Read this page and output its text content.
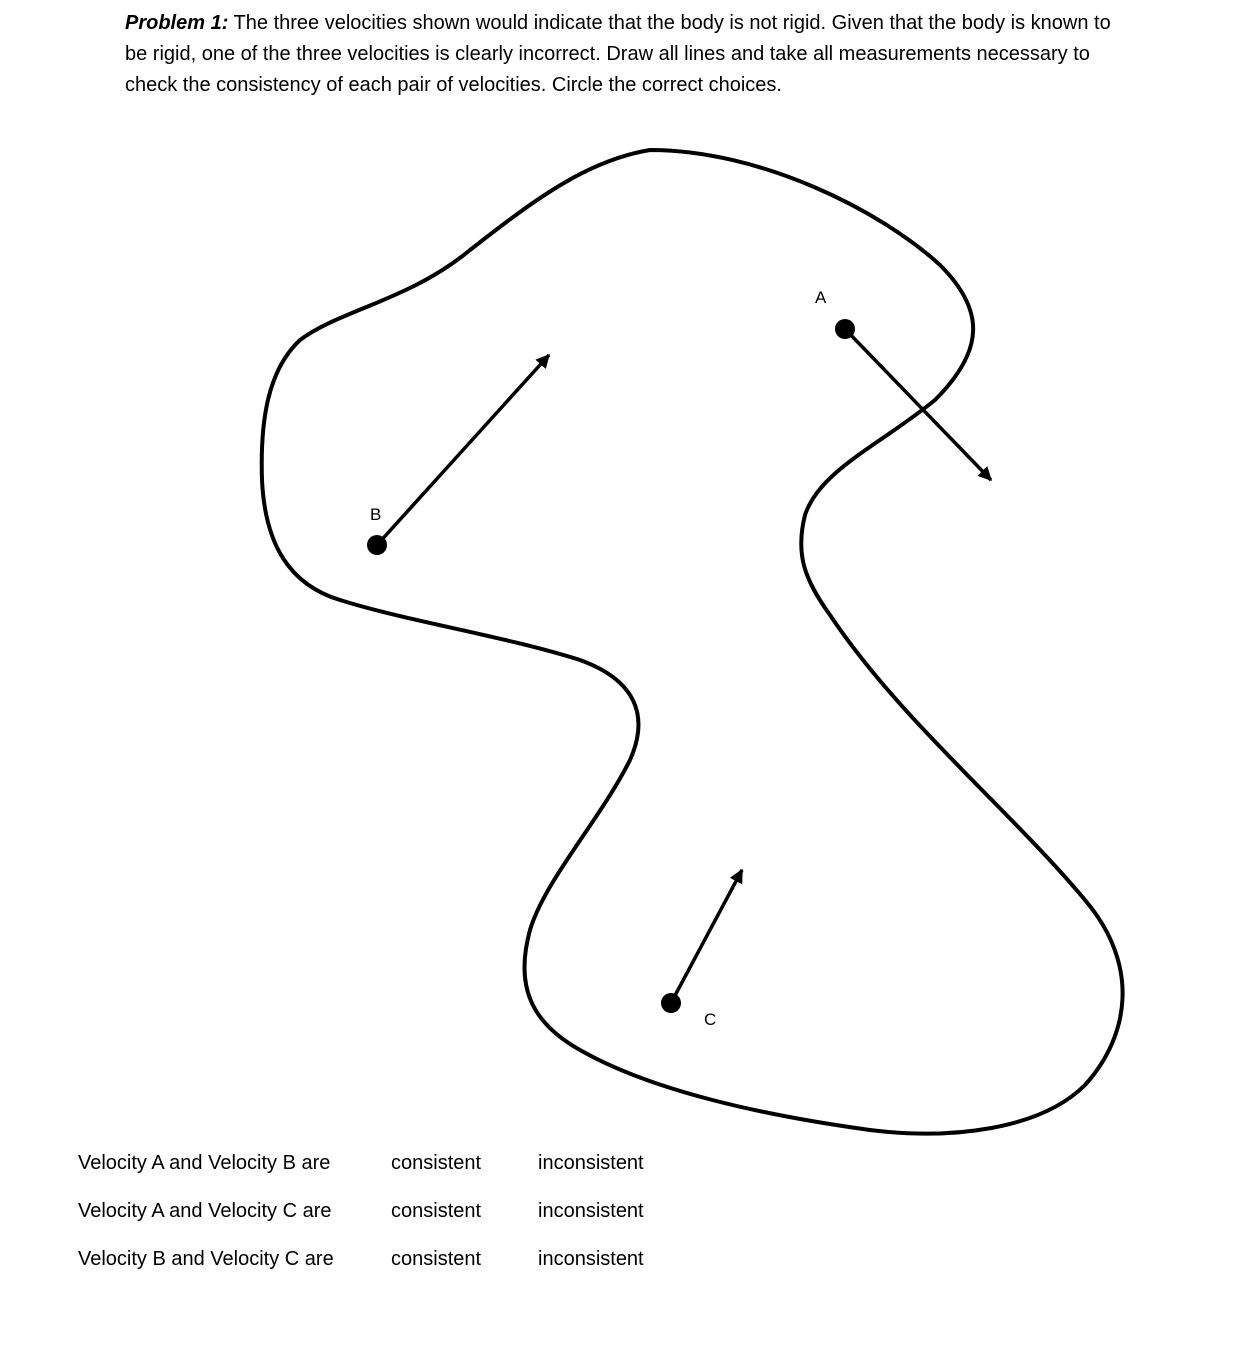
Problem 1: The three velocities shown would indicate that the body is not rigid. Given that the body is known to be rigid, one of the three velocities is clearly incorrect. Draw all lines and take all measurements necessary to check the consistency of each pair of velocities. Circle the correct choices.

B
A
C
Velocity A and Velocity B are	consistent	inconsistent
Velocity A and Velocity C are	consistent	inconsistent
Velocity B and Velocity C are	consistent	inconsistent
